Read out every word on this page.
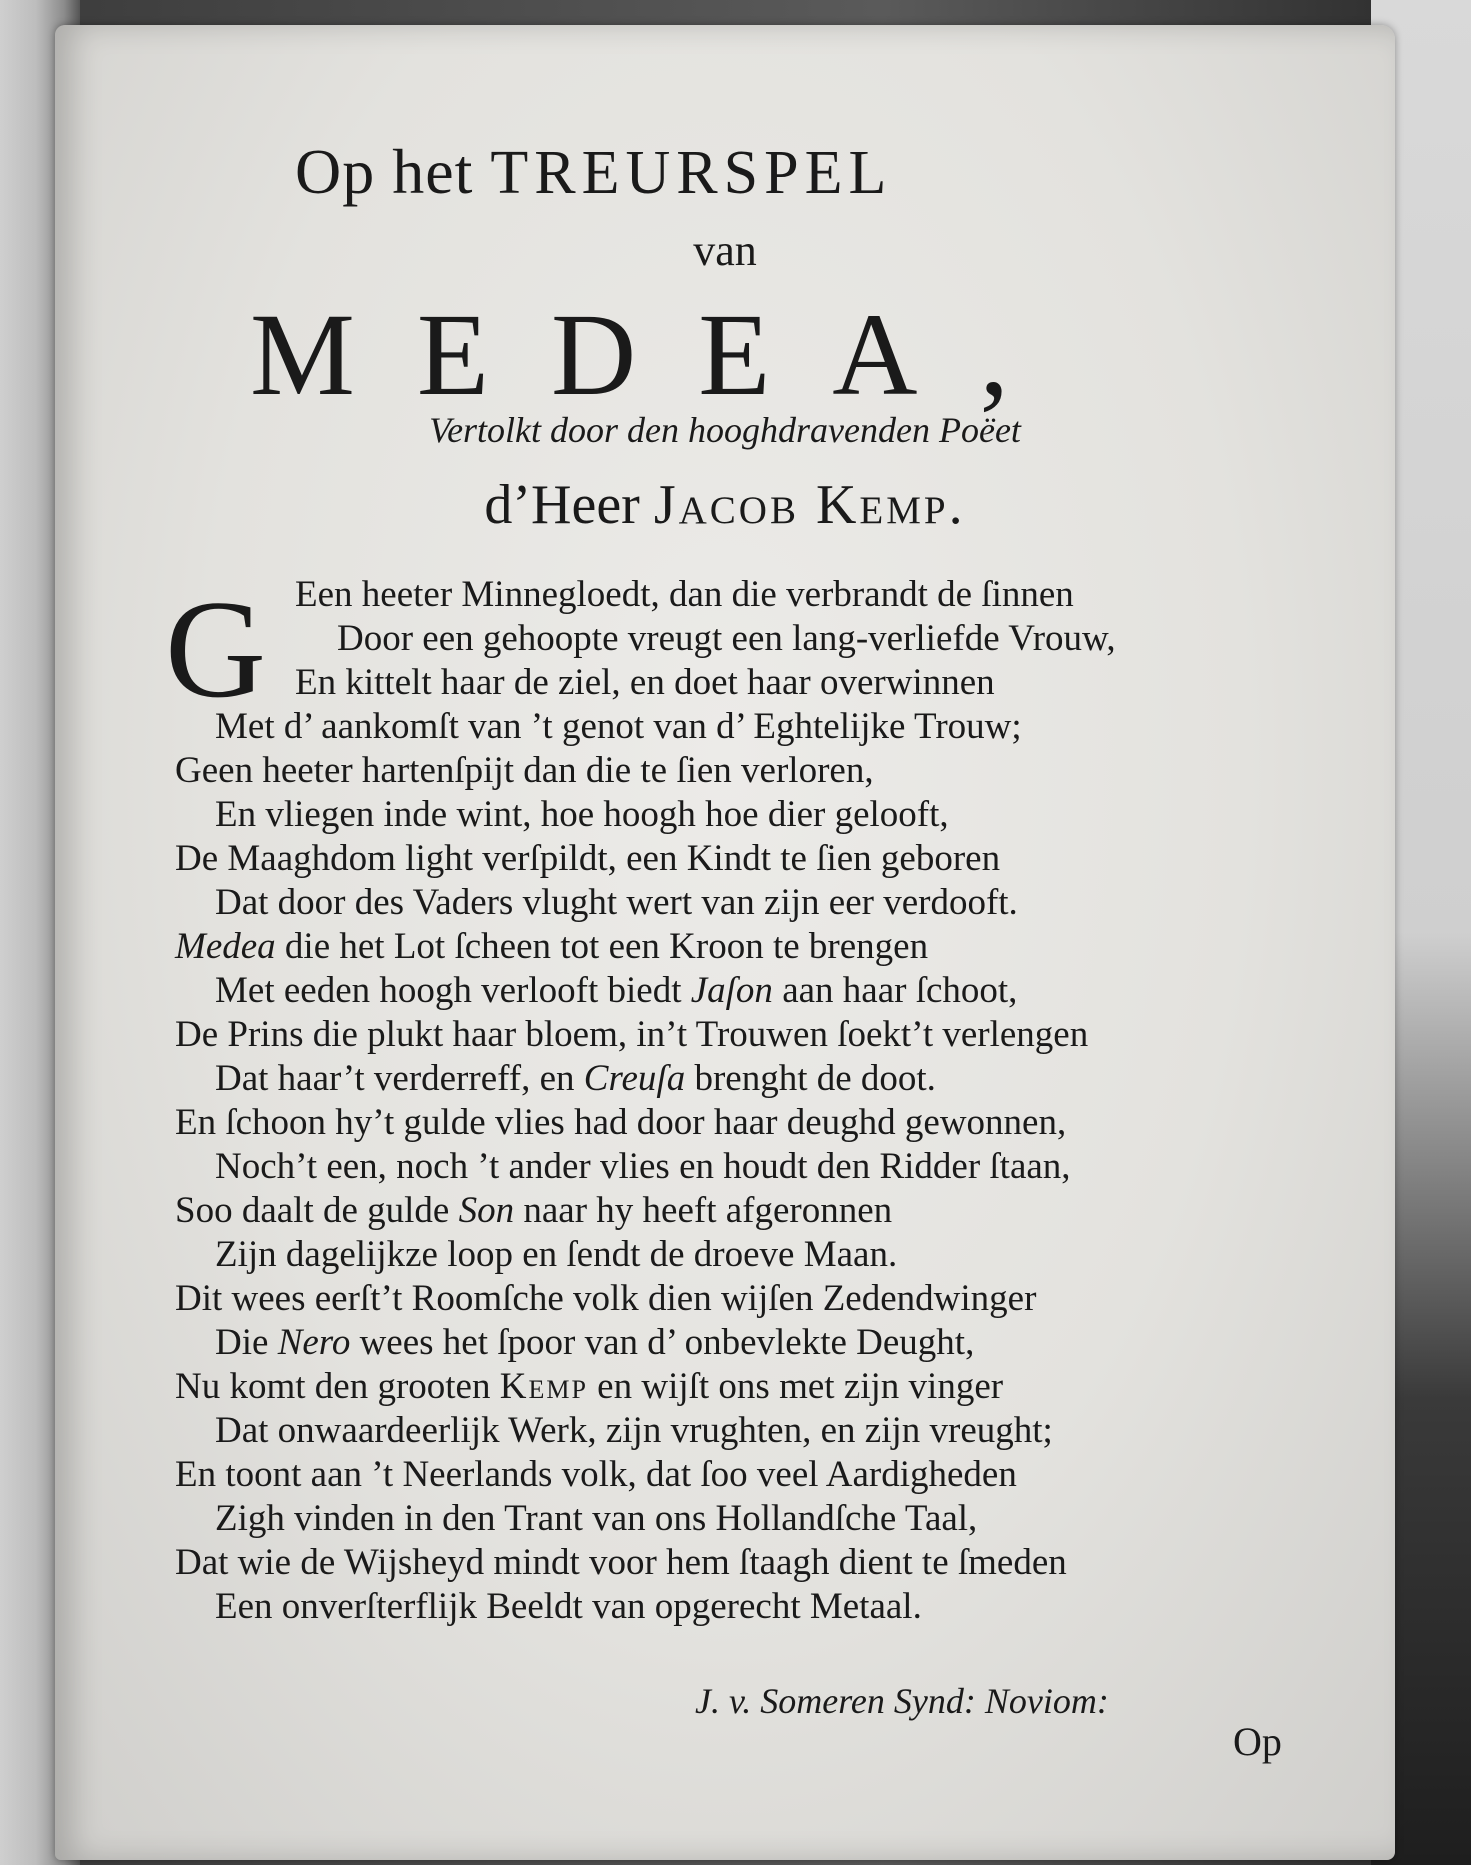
Op het TREURSPEL
van
MEDEA,
Vertolkt door den hooghdravenden Poëet
d’Heer Jacob Kemp.
G Een heeter Minnegloedt, dan die verbrandt de ſinnen
Door een gehoopte vreugt een lang-verliefde Vrouw,
En kittelt haar de ziel, en doet haar overwinnen
Met d’ aankomſt van ’t genot van d’ Eghtelijke Trouw;
Geen heeter hartenſpijt dan die te ſien verloren,
En vliegen inde wint, hoe hoogh hoe dier gelooft,
De Maaghdom light verſpildt, een Kindt te ſien geboren
Dat door des Vaders vlught wert van zijn eer verdooft.
Medea die het Lot ſcheen tot een Kroon te brengen
Met eeden hoogh verlooft biedt Jaſon aan haar ſchoot,
De Prins die plukt haar bloem, in’t Trouwen ſoekt’t verlengen
Dat haar’t verderreff, en Creuſa brenght de doot.
En ſchoon hy’t gulde vlies had door haar deughd gewonnen,
Noch’t een, noch ’t ander vlies en houdt den Ridder ſtaan,
Soo daalt de gulde Son naar hy heeft afgeronnen
Zijn dagelijkze loop en ſendt de droeve Maan.
Dit wees eerſt’t Roomſche volk dien wijſen Zedendwinger
Die Nero wees het ſpoor van d’ onbevlekte Deught,
Nu komt den grooten Kemp en wijſt ons met zijn vinger
Dat onwaardeerlijk Werk, zijn vrughten, en zijn vreught;
En toont aan ’t Neerlands volk, dat ſoo veel Aardigheden
Zigh vinden in den Trant van ons Hollandſche Taal,
Dat wie de Wijsheyd mindt voor hem ſtaagh dient te ſmeden
Een onverſterflijk Beeldt van opgerecht Metaal.
J. v. Someren Synd: Noviom:
Op
